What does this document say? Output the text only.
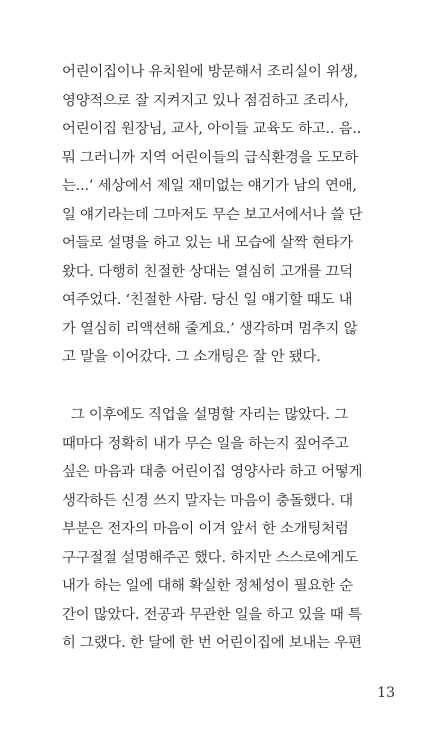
어린이집이나 유치원에 방문해서 조리실이 위생,
영양적으로 잘 지켜지고 있나 점검하고 조리사,
어린이집 원장님, 교사, 아이들 교육도 하고.. 음..
뭐 그러니까 지역 어린이들의 급식환경을 도모하
는...’ 세상에서 제일 재미없는 얘기가 남의 연애,
일 얘기라는데 그마저도 무슨 보고서에서나 쓸 단
어들로 설명을 하고 있는 내 모습에 살짝 현타가
왔다. 다행히 친절한 상대는 열심히 고개를 끄덕
여주었다. ‘친절한 사람. 당신 일 얘기할 때도 내
가 열심히 리액션해 줄게요.’ 생각하며 멈추지 않
고 말을 이어갔다. 그 소개팅은 잘 안 됐다.

그 이후에도 직업을 설명할 자리는 많았다. 그
때마다 정확히 내가 무슨 일을 하는지 짚어주고
싶은 마음과 대충 어린이집 영양사라 하고 어떻게
생각하든 신경 쓰지 말자는 마음이 충돌했다. 대
부분은 전자의 마음이 이겨 앞서 한 소개팅처럼
구구절절 설명해주곤 했다. 하지만 스스로에게도
내가 하는 일에 대해 확실한 정체성이 필요한 순
간이 많았다. 전공과 무관한 일을 하고 있을 때 특
히 그랬다. 한 달에 한 번 어린이집에 보내는 우편

13
